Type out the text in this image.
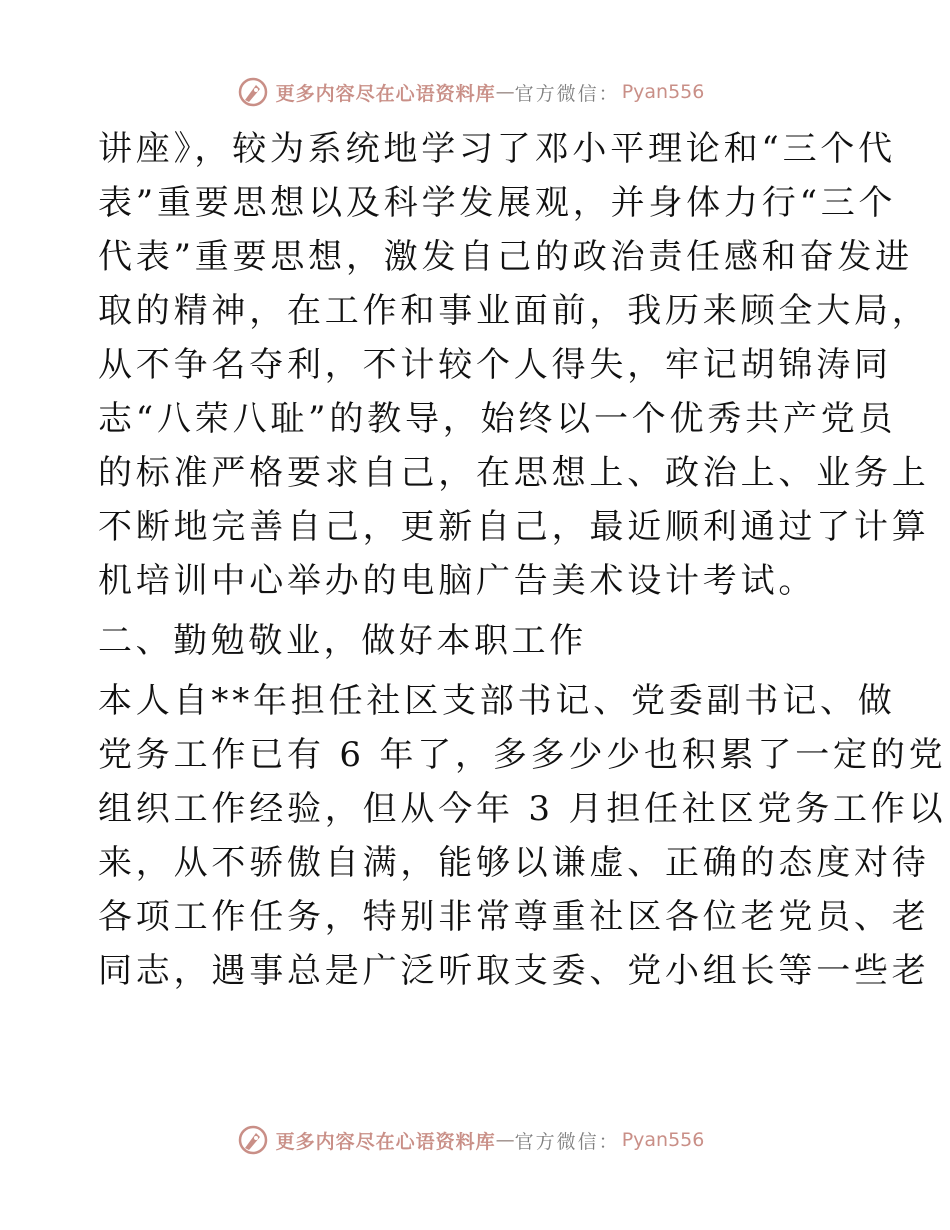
更多内容尽在心语资料库 — 官方微信： Pyan556
讲座》，较为系统地学习了邓小平理论和“三个代
表”重要思想以及科学发展观，并身体力行“三个
代表”重要思想，激发自己的政治责任感和奋发进
取的精神，在工作和事业面前，我历来顾全大局，
从不争名夺利，不计较个人得失，牢记胡锦涛同
志“八荣八耻”的教导，始终以一个优秀共产党员
的标准严格要求自己，在思想上、政治上、业务上
不断地完善自己，更新自己，最近顺利通过了计算
机培训中心举办的电脑广告美术设计考试。
二、勤勉敬业，做好本职工作
本人自**年担任社区支部书记、党委副书记、做
党务工作已有 6 年了，多多少少也积累了一定的党
组织工作经验，但从今年 3 月担任社区党务工作以
来，从不骄傲自满，能够以谦虚、正确的态度对待
各项工作任务，特别非常尊重社区各位老党员、老
同志，遇事总是广泛听取支委、党小组长等一些老
更多内容尽在心语资料库 — 官方微信： Pyan556
